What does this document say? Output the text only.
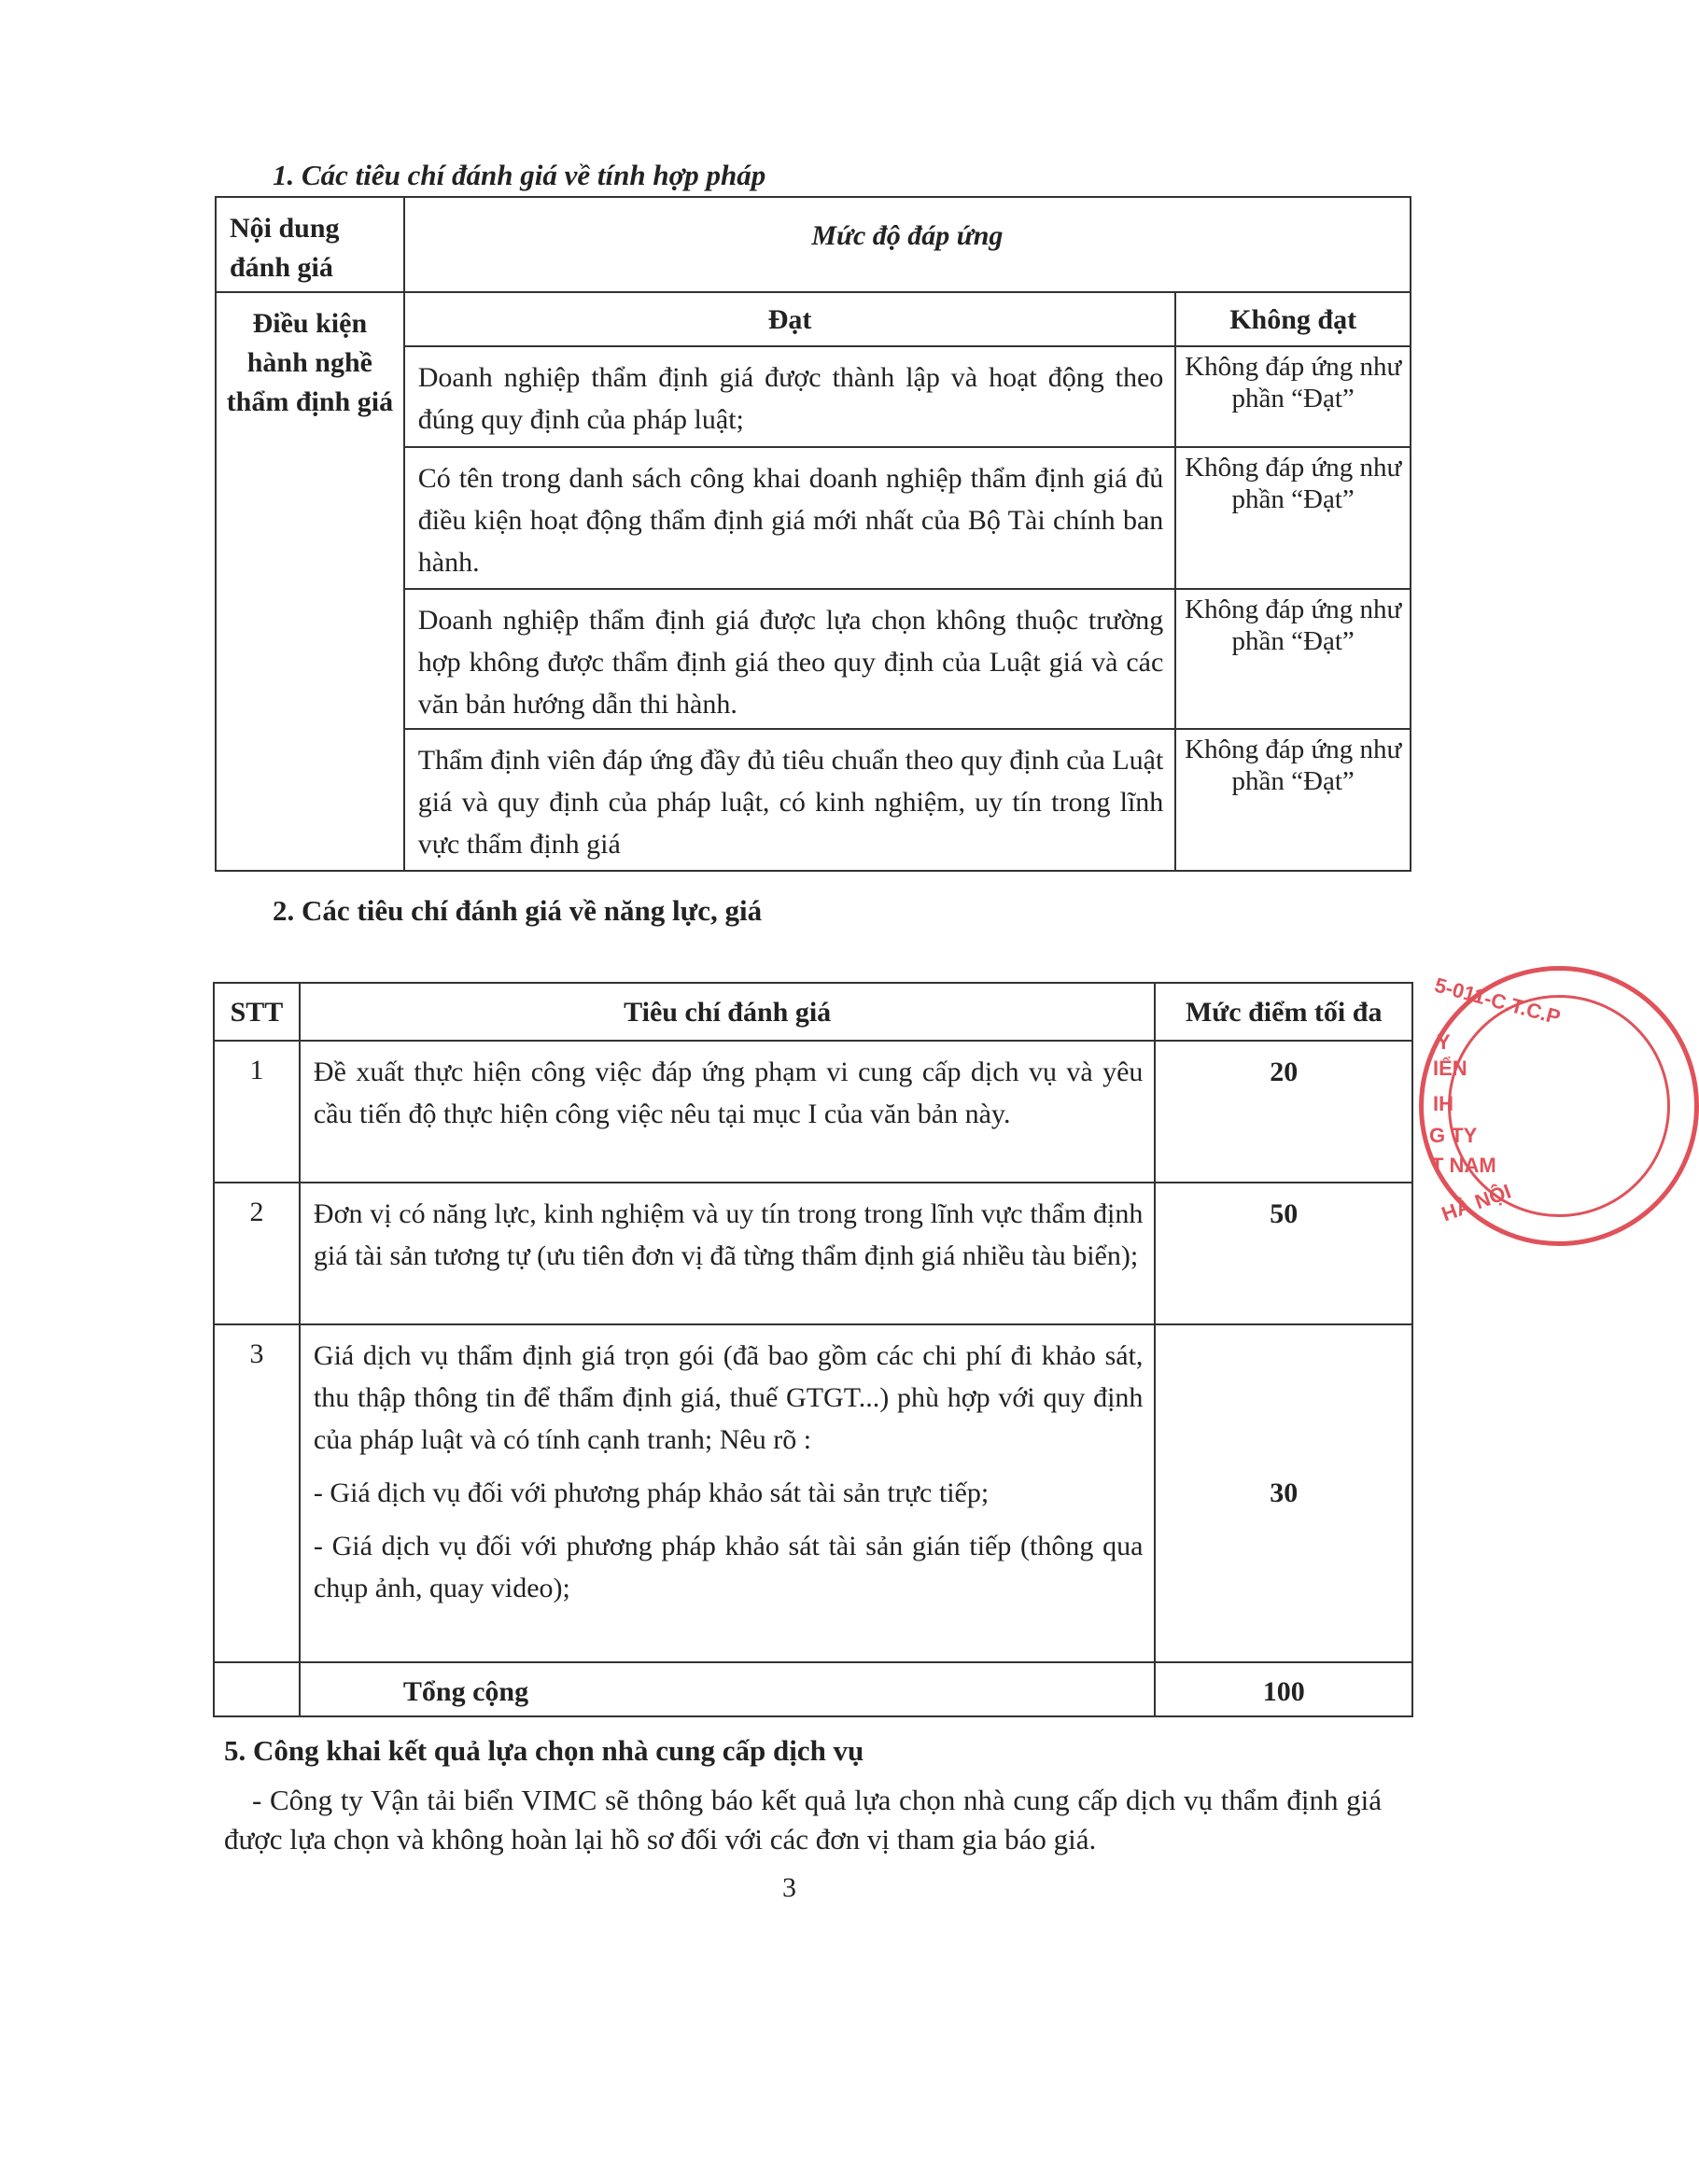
1. Các tiêu chí đánh giá về tính hợp pháp
Nội dung đánh giá	Mức độ đáp ứng	
Điều kiện hành nghề thẩm định giá	Đạt	Không đạt
	Doanh nghiệp thẩm định giá được thành lập và hoạt động theo đúng quy định của pháp luật;	Không đáp ứng như phần “Đạt”
	Có tên trong danh sách công khai doanh nghiệp thẩm định giá đủ điều kiện hoạt động thẩm định giá mới nhất của Bộ Tài chính ban hành.	Không đáp ứng như phần “Đạt”
	Doanh nghiệp thẩm định giá được lựa chọn không thuộc trường hợp không được thẩm định giá theo quy định của Luật giá và các văn bản hướng dẫn thi hành.	Không đáp ứng như phần “Đạt”
	Thẩm định viên đáp ứng đầy đủ tiêu chuẩn theo quy định của Luật giá và quy định của pháp luật, có kinh nghiệm, uy tín trong lĩnh vực thẩm định giá	Không đáp ứng như phần “Đạt”
2. Các tiêu chí đánh giá về năng lực, giá
STT	Tiêu chí đánh giá	Mức điểm tối đa
1	Đề xuất thực hiện công việc đáp ứng phạm vi cung cấp dịch vụ và yêu cầu tiến độ thực hiện công việc nêu tại mục I của văn bản này.	20
2	Đơn vị có năng lực, kinh nghiệm và uy tín trong trong lĩnh vực thẩm định giá tài sản tương tự (ưu tiên đơn vị đã từng thẩm định giá nhiều tàu biển);	50
3	Giá dịch vụ thẩm định giá trọn gói (đã bao gồm các chi phí đi khảo sát, thu thập thông tin để thẩm định giá, thuế GTGT...) phù hợp với quy định của pháp luật và có tính cạnh tranh; Nêu rõ :
- Giá dịch vụ đối với phương pháp khảo sát tài sản trực tiếp;
- Giá dịch vụ đối với phương pháp khảo sát tài sản gián tiếp (thông qua chụp ảnh, quay video);	30
	Tổng cộng	100
5. Công khai kết quả lựa chọn nhà cung cấp dịch vụ
- Công ty Vận tải biển VIMC sẽ thông báo kết quả lựa chọn nhà cung cấp dịch vụ thẩm định giá được lựa chọn và không hoàn lại hồ sơ đối với các đơn vị tham gia báo giá.
3
5-011-C.T.C.P
Y
IỂN
IH
G TY
T NAM
HÀ NỘI
